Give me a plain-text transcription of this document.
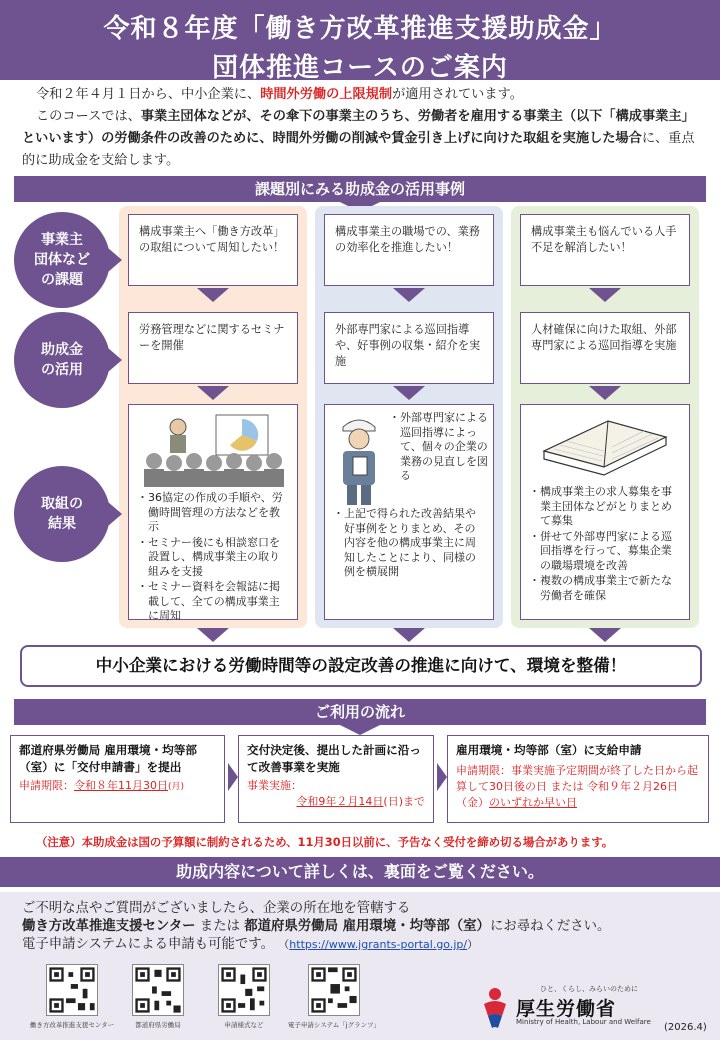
令和８年度「働き方改革推進支援助成金」
団体推進コースのご案内
令和２年４月１日から、中小企業に、時間外労働の上限規制が適用されています。
このコースでは、事業主団体などが、その傘下の事業主のうち、労働者を雇用する事業主（以下「構成事業主」といいます）の労働条件の改善のために、時間外労働の削減や賃金引き上げに向けた取組を実施した場合に、重点的に助成金を支給します。
課題別にみる助成金の活用事例
事業主
団体など
の課題
助成金
の活用
取組の
結果
構成事業主へ「働き方改革」の取組について周知したい！
構成事業主の職場での、業務の効率化を推進したい！
構成事業主も悩んでいる人手不足を解消したい！
労務管理などに関するセミナーを開催
外部専門家による巡回指導や、好事例の収集・紹介を実施
人材確保に向けた取組、外部専門家による巡回指導を実施
・ 36協定の作成の手順や、労働時間管理の方法などを教示
・ セミナー後にも相談窓口を設置し、構成事業主の取り組みを支援
・ セミナー資料を会報誌に掲載して、全ての構成事業主に周知
・ 外部専門家による巡回指導によって、個々の企業の業務の見直しを図る
・ 上記で得られた改善結果や好事例をとりまとめ、その内容を他の構成事業主に周知したことにより、同様の例を横展開
・ 構成事業主の求人募集を事業主団体などがとりまとめて募集
・ 併せて外部専門家による巡回指導を行って、募集企業の職場環境を改善
・ 複数の構成事業主で新たな労働者を確保
中小企業における労働時間等の設定改善の推進に向けて、環境を整備！
ご利用の流れ
都道府県労働局 雇用環境・均等部（室）に「交付申請書」を提出
申請期限：令和８年11月30日(月)
交付決定後、提出した計画に沿って改善事業を実施
事業実施：
令和9年２月14日(日)まで
雇用環境・均等部（室）に支給申請
申請期限：事業実施予定期間が終了した日から起算して30日後の日 または 令和９年２月26日（金）のいずれか早い日
（注意）本助成金は国の予算額に制約されるため、11月30日以前に、予告なく受付を締め切る場合があります。
助成内容について詳しくは、裏面をご覧ください。
ご不明な点やご質問がございましたら、企業の所在地を管轄する
働き方改革推進支援センター または 都道府県労働局 雇用環境・均等部（室）にお尋ねください。
電子申請システムによる申請も可能です。 （https://www.jgrants-portal.go.jp/）
働き方改革推進支援センター	都道府県労働局	申請様式など	電子申請システム「jグランツ」
ひと、くらし、みらいのために
厚生労働省
Ministry of Health, Labour and Welfare (2026.4)
